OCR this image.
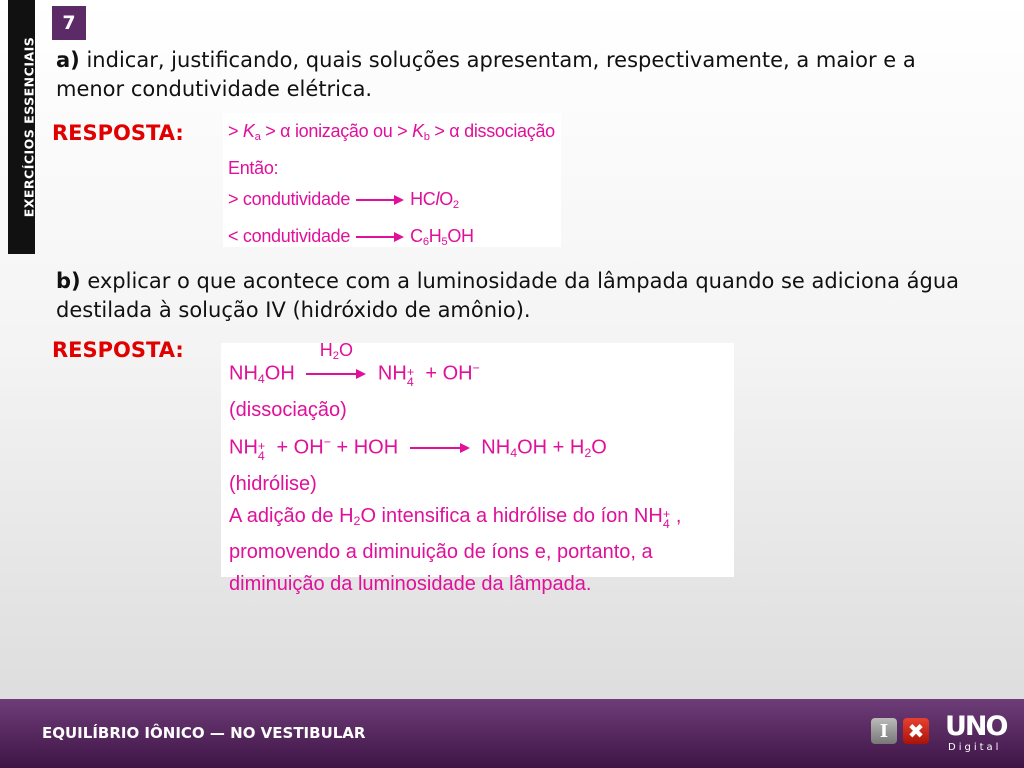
EXERCÍCIOS ESSENCIAIS
7
a) indicar, justificando, quais soluções apresentam, respectivamente, a maior e a menor condutividade elétrica.
RESPOSTA: > $K_a > \alpha$ ionização ou > $K_b > \alpha$ dissociação
Então:
> condutividade	HClO$_2$
< condutividade	$C_6H_5OH$
b) explicar o que acontece com a luminosidade da lâmpada quando se adiciona água destilada à solução IV (hidróxido de amônio).
RESPOSTA:
$NH_4OH$
$H_2O$
NH +
4 + OH−
(dissociação)
NH +
4 + OH− + HOH	$NH_4OH + H_2O$
(hidrólise)
A adição de $H_2O$ intensifica a hidrólise do íon NH +
4 ,
promovendo a diminuição de íons e, portanto, a
diminuição da luminosidade da lâmpada.
EQUILÍBRIO IÔNICO — NO VESTIBULAR	I ✖ UNO
Digital
